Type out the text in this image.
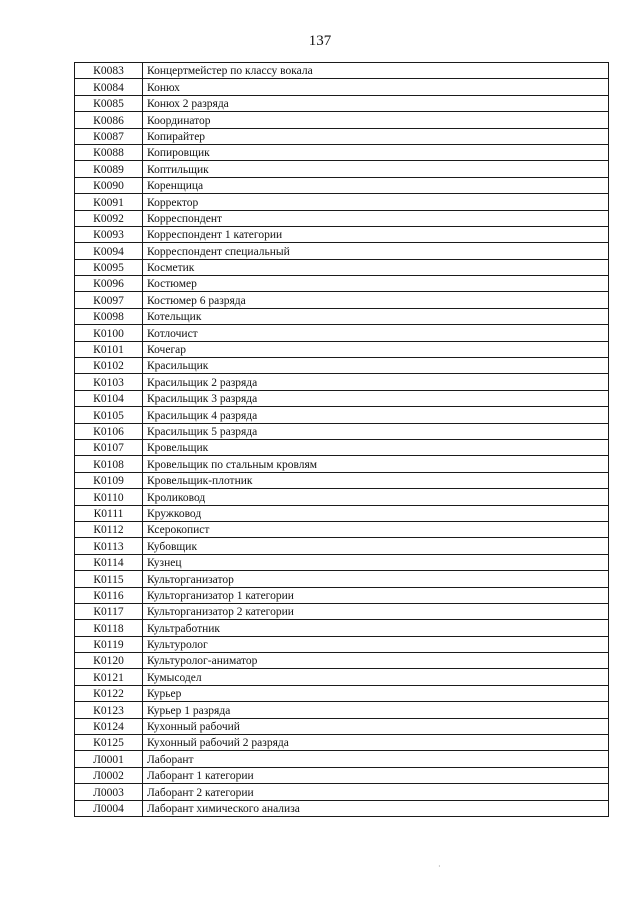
137
К0083	Концертмейстер по классу вокала
К0084	Конюх
К0085	Конюх 2 разряда
К0086	Координатор
К0087	Копирайтер
К0088	Копировщик
К0089	Коптильщик
К0090	Коренщица
К0091	Корректор
К0092	Корреспондент
К0093	Корреспондент 1 категории
К0094	Корреспондент специальный
К0095	Косметик
К0096	Костюмер
К0097	Костюмер 6 разряда
К0098	Котельщик
К0100	Котлочист
К0101	Кочегар
К0102	Красильщик
К0103	Красильщик 2 разряда
К0104	Красильщик 3 разряда
К0105	Красильщик 4 разряда
К0106	Красильщик 5 разряда
К0107	Кровельщик
К0108	Кровельщик по стальным кровлям
К0109	Кровельщик-плотник
К0110	Кроликовод
К0111	Кружковод
К0112	Ксерокопист
К0113	Кубовщик
К0114	Кузнец
К0115	Культорганизатор
К0116	Культорганизатор 1 категории
К0117	Культорганизатор 2 категории
К0118	Культработник
К0119	Культуролог
К0120	Культуролог-аниматор
К0121	Кумысодел
К0122	Курьер
К0123	Курьер 1 разряда
К0124	Кухонный рабочий
К0125	Кухонный рабочий 2 разряда
Л0001	Лаборант
Л0002	Лаборант 1 категории
Л0003	Лаборант 2 категории
Л0004	Лаборант химического анализа
·
